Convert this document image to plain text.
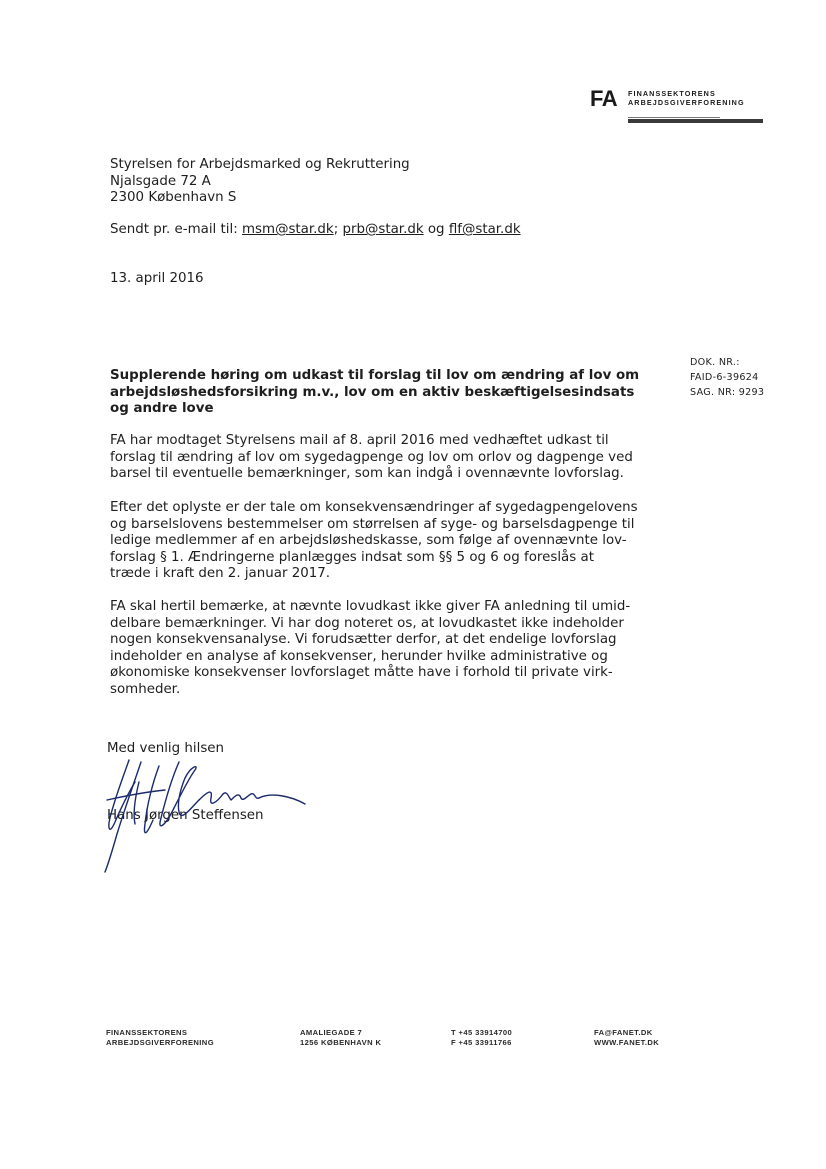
FA FINANSSEKTORENS
ARBEJDSGIVERFORENING
Styrelsen for Arbejdsmarked og Rekruttering
Njalsgade 72 A
2300 København S
Sendt pr. e-mail til: msm@star.dk; prb@star.dk og flf@star.dk
13. april 2016
DOK. NR.:
FAID-6-39624
SAG. NR: 9293
Supplerende høring om udkast til forslag til lov om ændring af lov om arbejdsløshedsforsikring m.v., lov om en aktiv beskæftigelsesindsats og andre love
FA har modtaget Styrelsens mail af 8. april 2016 med vedhæftet udkast til
forslag til ændring af lov om sygedagpenge og lov om orlov og dagpenge ved
barsel til eventuelle bemærkninger, som kan indgå i ovennævnte lovforslag.
Efter det oplyste er der tale om konsekvensændringer af sygedagpengelovens
og barselslovens bestemmelser om størrelsen af syge- og barselsdagpenge til
ledige medlemmer af en arbejdsløshedskasse, som følge af ovennævnte lov-
forslag § 1. Ændringerne planlægges indsat som §§ 5 og 6 og foreslås at
træde i kraft den 2. januar 2017.
FA skal hertil bemærke, at nævnte lovudkast ikke giver FA anledning til umid-
delbare bemærkninger. Vi har dog noteret os, at lovudkastet ikke indeholder
nogen konsekvensanalyse. Vi forudsætter derfor, at det endelige lovforslag
indeholder en analyse af konsekvenser, herunder hvilke administrative og
økonomiske konsekvenser lovforslaget måtte have i forhold til private virk-
somheder.
Med venlig hilsen
Hans Jørgen Steffensen
FINANSSEKTORENS
ARBEJDSGIVERFORENING
AMALIEGADE 7
1256 KØBENHAVN K
T +45 33914700
F +45 33911766
FA@FANET.DK
WWW.FANET.DK
